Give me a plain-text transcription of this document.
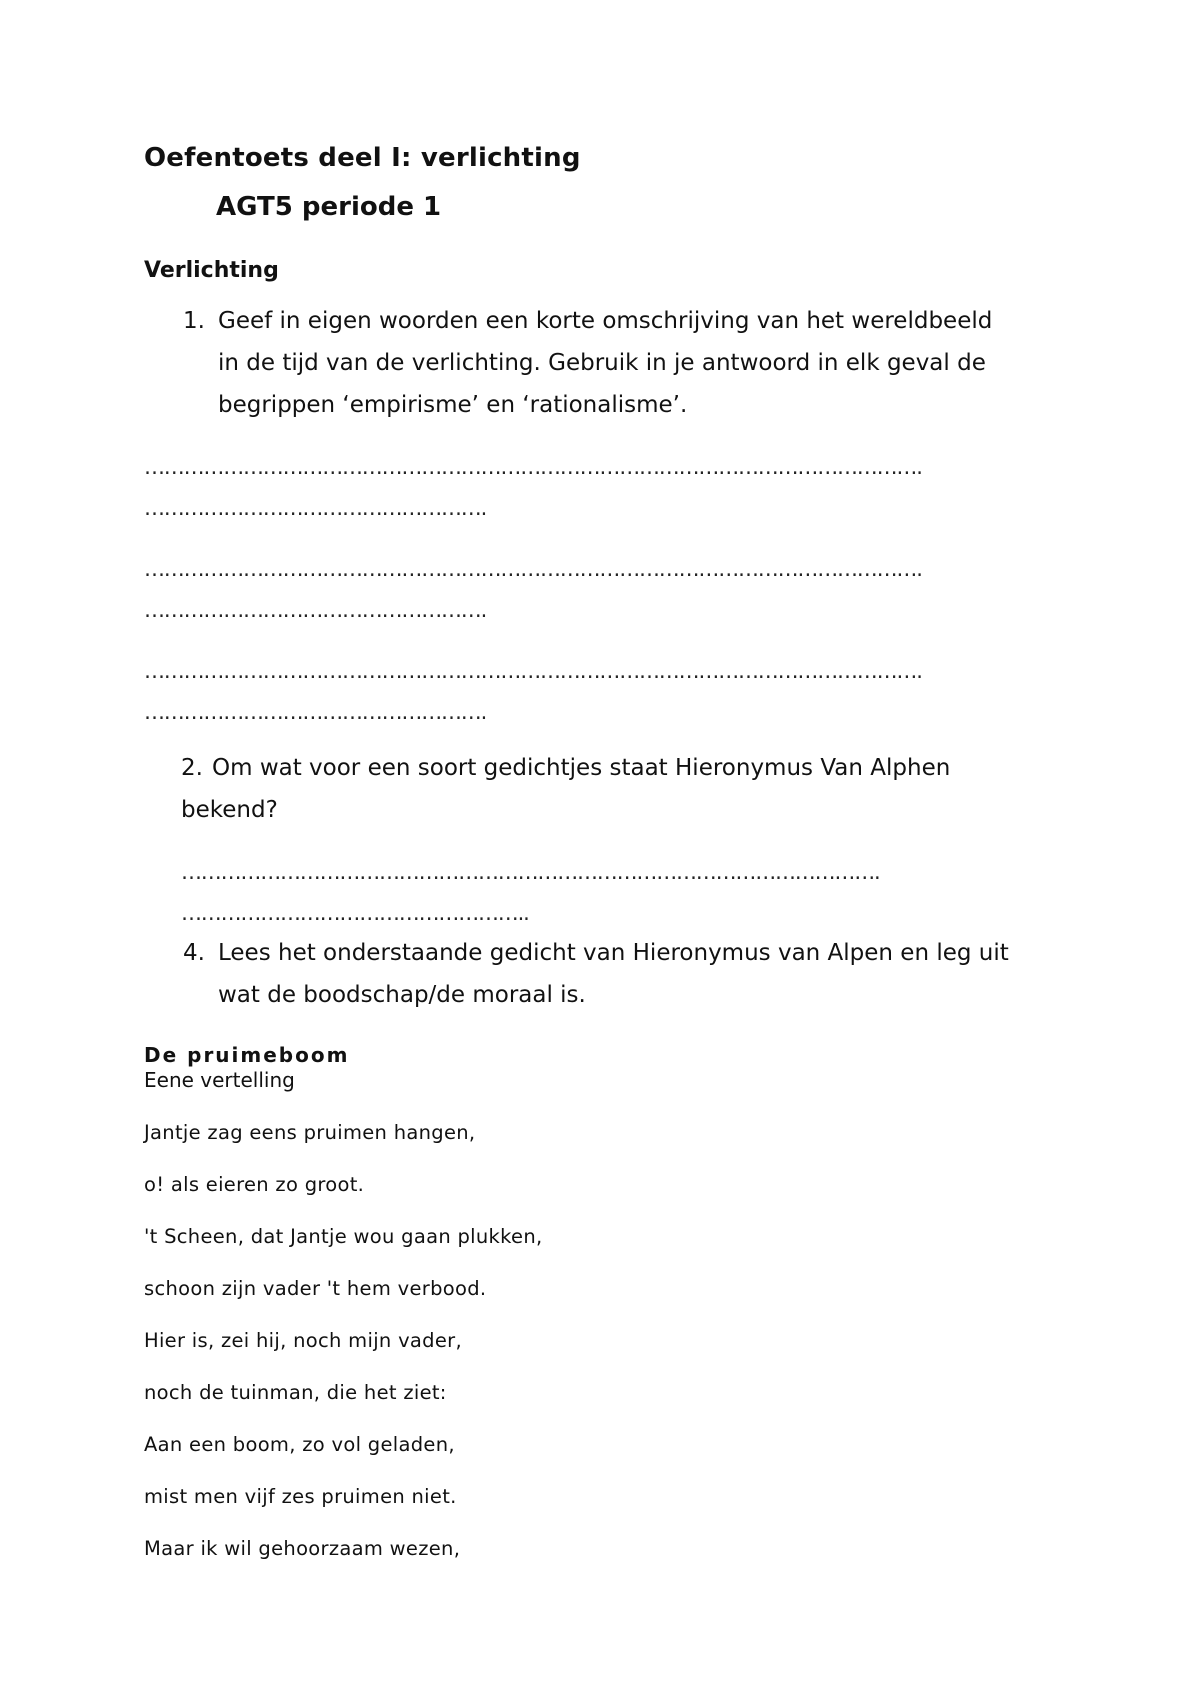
Oefentoets deel I: verlichting
AGT5 periode 1
Verlichting
1. Geef in eigen woorden een korte omschrijving van het wereldbeeld
in de tijd van de verlichting. Gebruik in je antwoord in elk geval de
begrippen ‘empirisme’ en ‘rationalisme’.
……………………………………………………………………………………………………….
…………………………………………….
……………………………………………………………………………………………………….
…………………………………………….
……………………………………………………………………………………………………….
…………………………………………….
2. Om wat voor een soort gedichtjes staat Hieronymus Van Alphen
bekend?
…………………………………………………………………………………………….
……………………………………………..
4. Lees het onderstaande gedicht van Hieronymus van Alpen en leg uit
wat de boodschap/de moraal is.
De pruimeboom
Eene vertelling
Jantje zag eens pruimen hangen,
o! als eieren zo groot.
't Scheen, dat Jantje wou gaan plukken,
schoon zijn vader 't hem verbood.
Hier is, zei hij, noch mijn vader,
noch de tuinman, die het ziet:
Aan een boom, zo vol geladen,
mist men vijf zes pruimen niet.
Maar ik wil gehoorzaam wezen,
